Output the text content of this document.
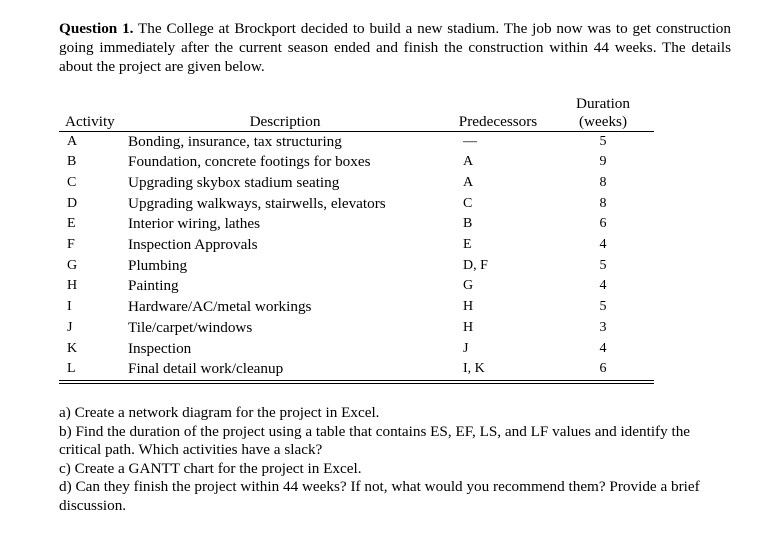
Question 1. The College at Brockport decided to build a new stadium. The job now was to get construction going immediately after the current season ended and finish the construction within 44 weeks. The details about the project are given below.
Activity	Description	Predecessors	Duration
(weeks)

A	Bonding, insurance, tax structuring	—	5
B	Foundation, concrete footings for boxes	A	9
C	Upgrading skybox stadium seating	A	8
D	Upgrading walkways, stairwells, elevators	C	8
E	Interior wiring, lathes	B	6
F	Inspection Approvals	E	4
G	Plumbing	D, F	5
H	Painting	G	4
I	Hardware/AC/metal workings	H	5
J	Tile/carpet/windows	H	3
K	Inspection	J	4
L	Final detail work/cleanup	I, K	6

a) Create a network diagram for the project in Excel.

b) Find the duration of the project using a table that contains ES, EF, LS, and LF values and identify the critical path. Which activities have a slack?

c) Create a GANTT chart for the project in Excel.

d) Can they finish the project within 44 weeks? If not, what would you recommend them? Provide a brief discussion.
